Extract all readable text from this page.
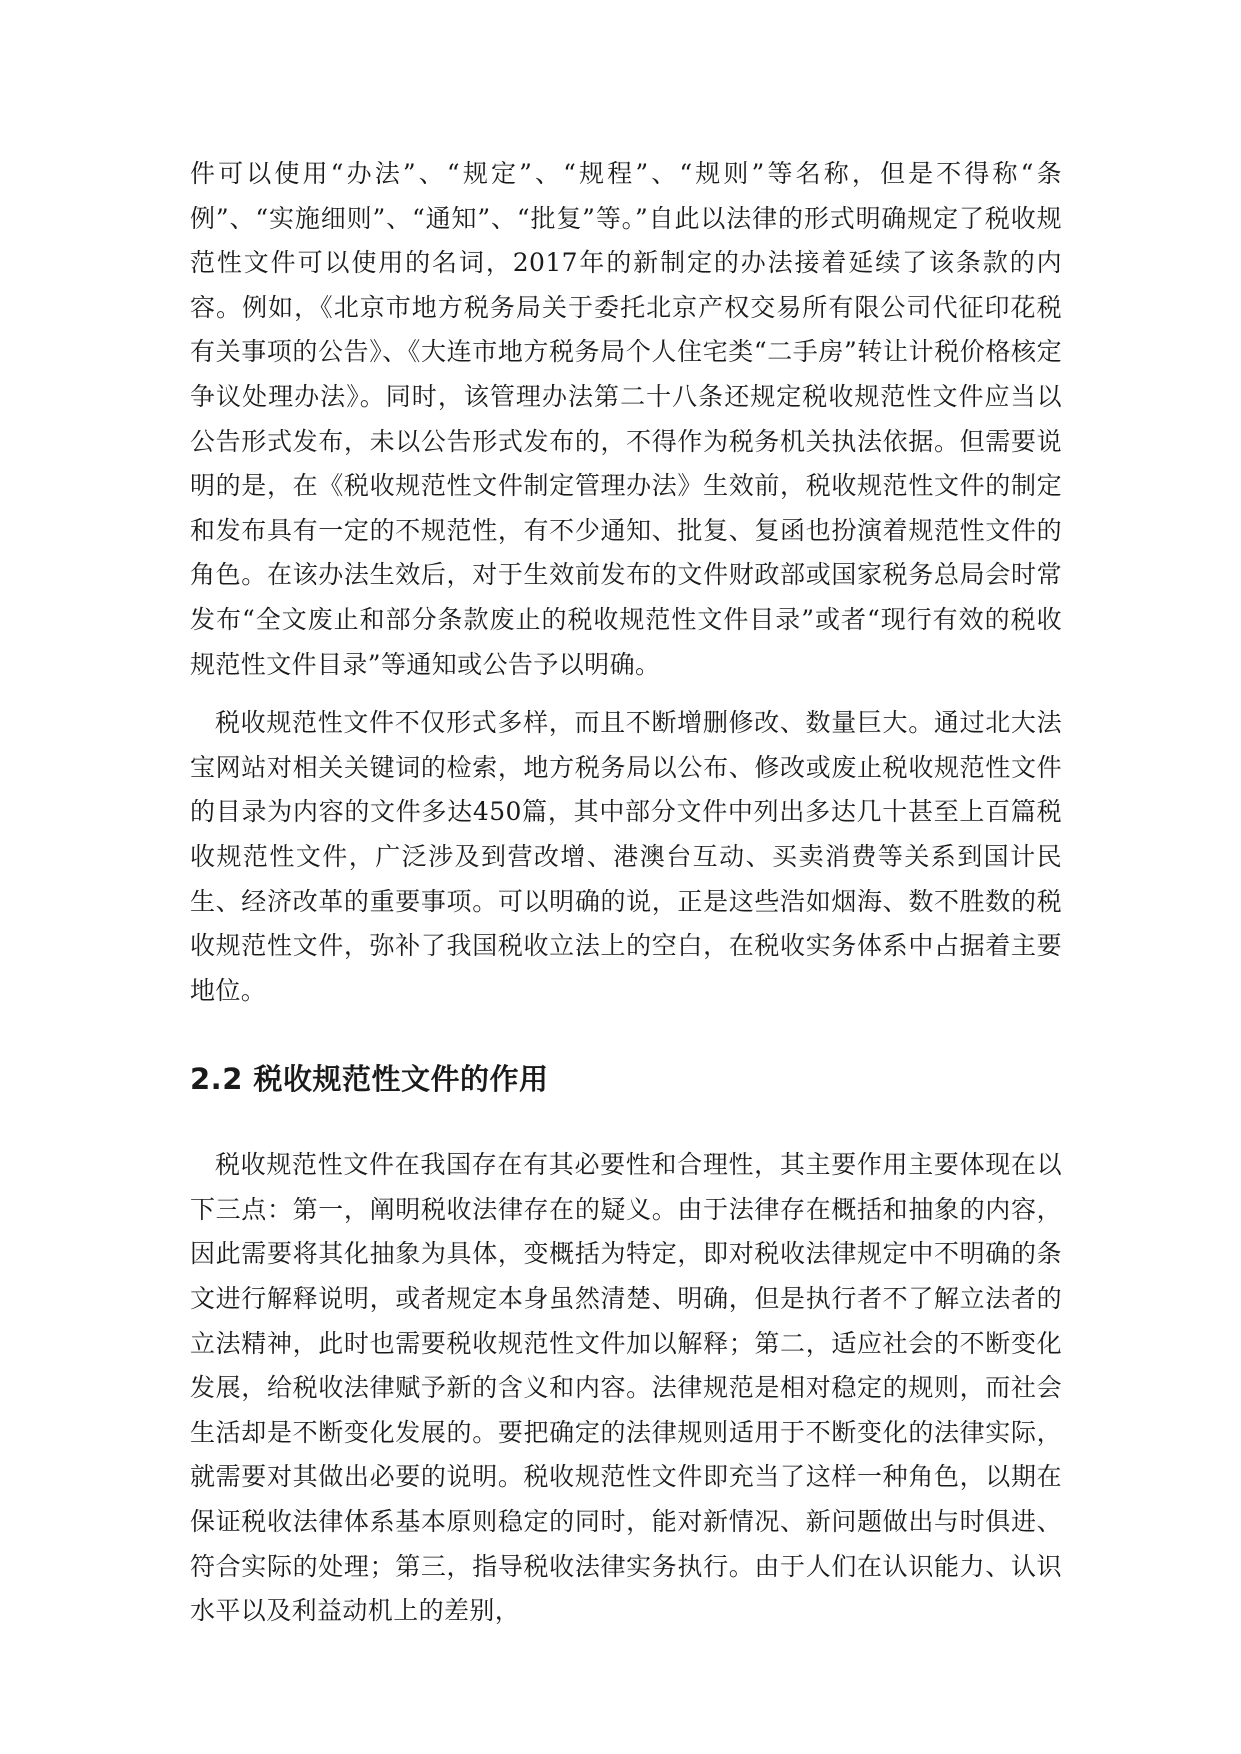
件可以使用“办法”、“规定”、“规程”、“规则”等名称，但是不得称“条例”、“实施细则”、“通知”、“批复”等。”自此以法律的形式明确规定了税收规范性文件可以使用的名词，2017年的新制定的办法接着延续了该条款的内容。例如，《北京市地方税务局关于委托北京产权交易所有限公司代征印花税有关事项的公告》、《大连市地方税务局个人住宅类“二手房”转让计税价格核定争议处理办法》。同时，该管理办法第二十八条还规定税收规范性文件应当以公告形式发布，未以公告形式发布的，不得作为税务机关执法依据。但需要说明的是，在《税收规范性文件制定管理办法》生效前，税收规范性文件的制定和发布具有一定的不规范性，有不少通知、批复、复函也扮演着规范性文件的角色。在该办法生效后，对于生效前发布的文件财政部或国家税务总局会时常发布“全文废止和部分条款废止的税收规范性文件目录”或者“现行有效的税收规范性文件目录”等通知或公告予以明确。

税收规范性文件不仅形式多样，而且不断增删修改、数量巨大。通过北大法宝网站对相关关键词的检索，地方税务局以公布、修改或废止税收规范性文件的目录为内容的文件多达450篇，其中部分文件中列出多达几十甚至上百篇税收规范性文件，广泛涉及到营改增、港澳台互动、买卖消费等关系到国计民生、经济改革的重要事项。可以明确的说，正是这些浩如烟海、数不胜数的税收规范性文件，弥补了我国税收立法上的空白，在税收实务体系中占据着主要地位。

2.2 税收规范性文件的作用

税收规范性文件在我国存在有其必要性和合理性，其主要作用主要体现在以下三点：第一，阐明税收法律存在的疑义。由于法律存在概括和抽象的内容，因此需要将其化抽象为具体，变概括为特定，即对税收法律规定中不明确的条文进行解释说明，或者规定本身虽然清楚、明确，但是执行者不了解立法者的立法精神，此时也需要税收规范性文件加以解释；第二，适应社会的不断变化发展，给税收法律赋予新的含义和内容。法律规范是相对稳定的规则，而社会生活却是不断变化发展的。要把确定的法律规则适用于不断变化的法律实际，就需要对其做出必要的说明。税收规范性文件即充当了这样一种角色，以期在保证税收法律体系基本原则稳定的同时，能对新情况、新问题做出与时俱进、符合实际的处理；第三，指导税收法律实务执行。由于人们在认识能力、认识水平以及利益动机上的差别，
